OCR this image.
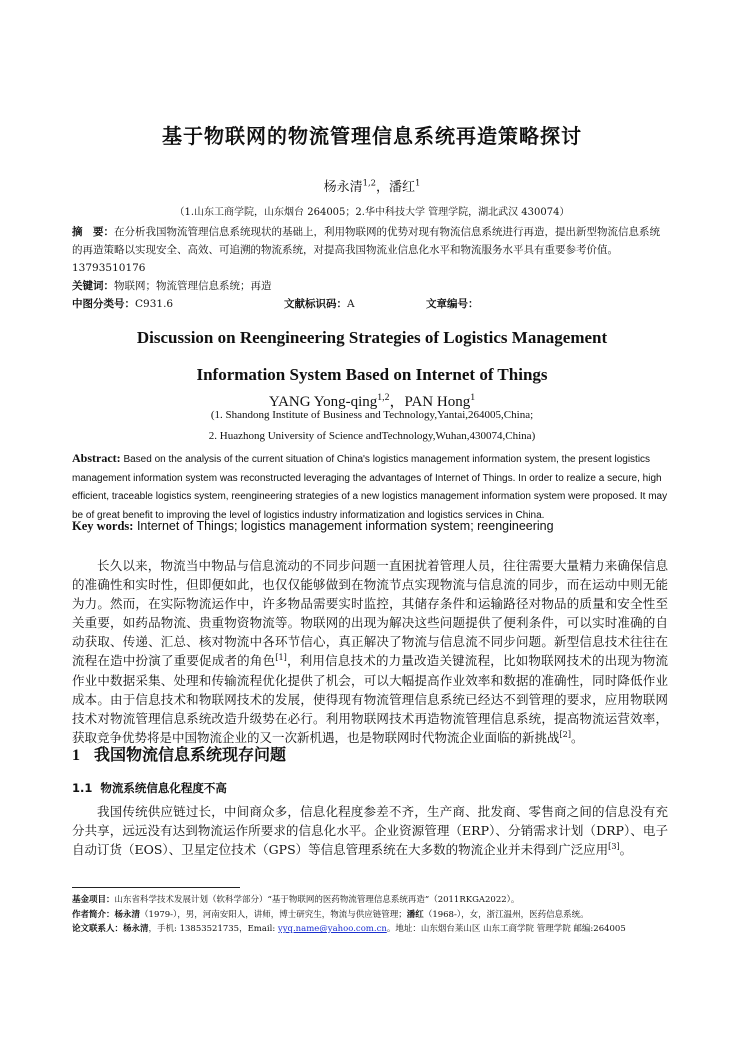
基于物联网的物流管理信息系统再造策略探讨
杨永清$^{1,2}$，潘红$^1$
（1.山东工商学院，山东烟台 264005；2.华中科技大学 管理学院，湖北武汉 430074）

摘　要：在分析我国物流管理信息系统现状的基础上，利用物联网的优势对现有物流信息系统进行再造，提出新型物流信息系统的再造策略以实现安全、高效、可追溯的物流系统，对提高我国物流业信息化水平和物流服务水平具有重要参考价值。13793510176

关键词：物联网；物流管理信息系统；再造

中图分类号：C931.6	文献标识码：A	文章编号：
Discussion on Reengineering Strategies of Logistics Management
Information System Based on Internet of Things
YANG Yong-qing$^{1,2}$，PAN Hong$^1$
(1. Shandong Institute of Business and Technology,Yantai,264005,China;
2. Huazhong University of Science andTechnology,Wuhan,430074,China)

Abstract: Based on the analysis of the current situation of China's logistics management information system, the present logistics management information system was reconstructed leveraging the advantages of Internet of Things. In order to realize a secure, high efficient, traceable logistics system, reengineering strategies of a new logistics management information system were proposed. It may be of great benefit to improving the level of logistics industry informatization and logistics services in China.

Key words: Internet of Things; logistics management information system; reengineering

长久以来，物流当中物品与信息流动的不同步问题一直困扰着管理人员，往往需要大量精力来确保信息的准确性和实时性，但即便如此，也仅仅能够做到在物流节点实现物流与信息流的同步，而在运动中则无能为力。然而，在实际物流运作中，许多物品需要实时监控，其储存条件和运输路径对物品的质量和安全性至关重要，如药品物流、贵重物资物流等。物联网的出现为解决这些问题提供了便利条件，可以实时准确的自动获取、传递、汇总、核对物流中各环节信心，真正解决了物流与信息流不同步问题。新型信息技术往往在流程在造中扮演了重要促成者的角色[1]，利用信息技术的力量改造关键流程，比如物联网技术的出现为物流作业中数据采集、处理和传输流程优化提供了机会，可以大幅提高作业效率和数据的准确性，同时降低作业成本。由于信息技术和物联网技术的发展，使得现有物流管理信息系统已经达不到管理的要求，应用物联网技术对物流管理信息系统改造升级势在必行。利用物联网技术再造物流管理信息系统，提高物流运营效率，获取竞争优势将是中国物流企业的又一次新机遇，也是物联网时代物流企业面临的新挑战[2]。

1 我国物流信息系统现存问题
1.1 物流系统信息化程度不高

我国传统供应链过长，中间商众多，信息化程度参差不齐，生产商、批发商、零售商之间的信息没有充分共享，远远没有达到物流运作所要求的信息化水平。企业资源管理（ERP）、分销需求计划（DRP）、电子自动订货（EOS）、卫星定位技术（GPS）等信息管理系统在大多数的物流企业并未得到广泛应用[3]。

基金项目：山东省科学技术发展计划（软科学部分）“基于物联网的医药物流管理信息系统再造”（2011RKGA2022）。
作者简介：杨永清（1979-），男，河南安阳人，讲师，博士研究生，物流与供应链管理；潘红（1968-），女，浙江温州，医药信息系统。
论文联系人：杨永清，手机: 13853521735，Email: yyq.name@yahoo.com.cn。地址：山东烟台莱山区 山东工商学院 管理学院 邮编:264005
